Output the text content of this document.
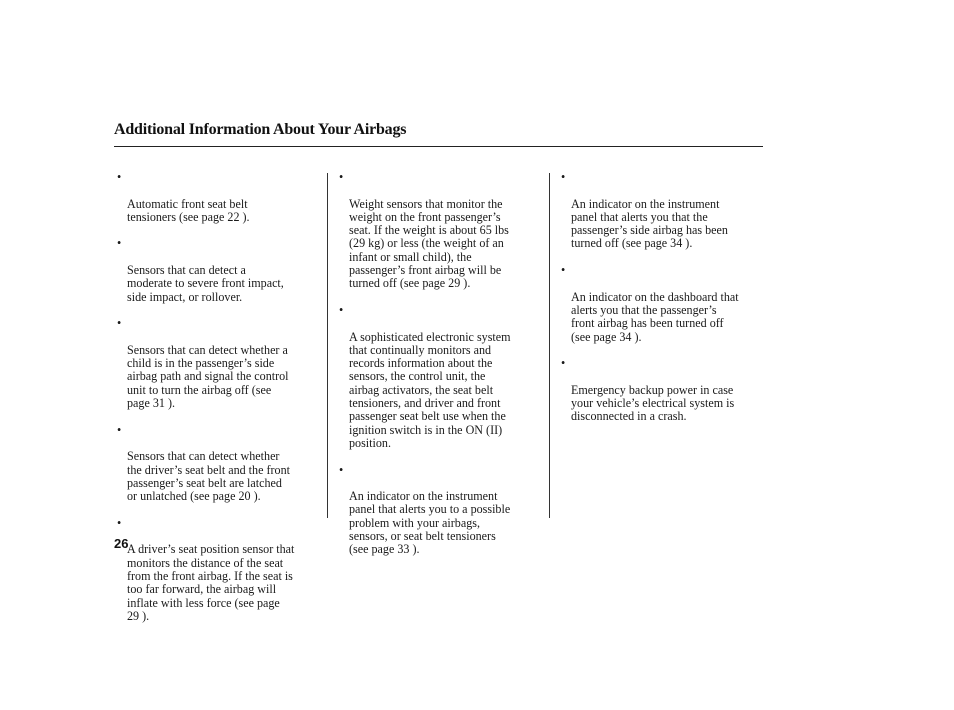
Additional Information About Your Airbags

•

Automatic front seat belt
tensioners (see page 22 ).

•

Sensors that can detect a
moderate to severe front impact,
side impact, or rollover.

•

Sensors that can detect whether a
child is in the passenger’s side
airbag path and signal the control
unit to turn the airbag off (see
page 31 ).

•

Sensors that can detect whether
the driver’s seat belt and the front
passenger’s seat belt are latched
or unlatched (see page 20 ).

•

A driver’s seat position sensor that
monitors the distance of the seat
from the front airbag. If the seat is
too far forward, the airbag will
inflate with less force (see page
29 ).

•

Weight sensors that monitor the
weight on the front passenger’s
seat. If the weight is about 65 lbs
(29 kg) or less (the weight of an
infant or small child), the
passenger’s front airbag will be
turned off (see page 29 ).

•

A sophisticated electronic system
that continually monitors and
records information about the
sensors, the control unit, the
airbag activators, the seat belt
tensioners, and driver and front
passenger seat belt use when the
ignition switch is in the ON (II)
position.

•

An indicator on the instrument
panel that alerts you to a possible
problem with your airbags,
sensors, or seat belt tensioners
(see page 33 ).

•

An indicator on the instrument
panel that alerts you that the
passenger’s side airbag has been
turned off (see page 34 ).

•

An indicator on the dashboard that
alerts you that the passenger’s
front airbag has been turned off
(see page 34 ).

•

Emergency backup power in case
your vehicle’s electrical system is
disconnected in a crash.

26
